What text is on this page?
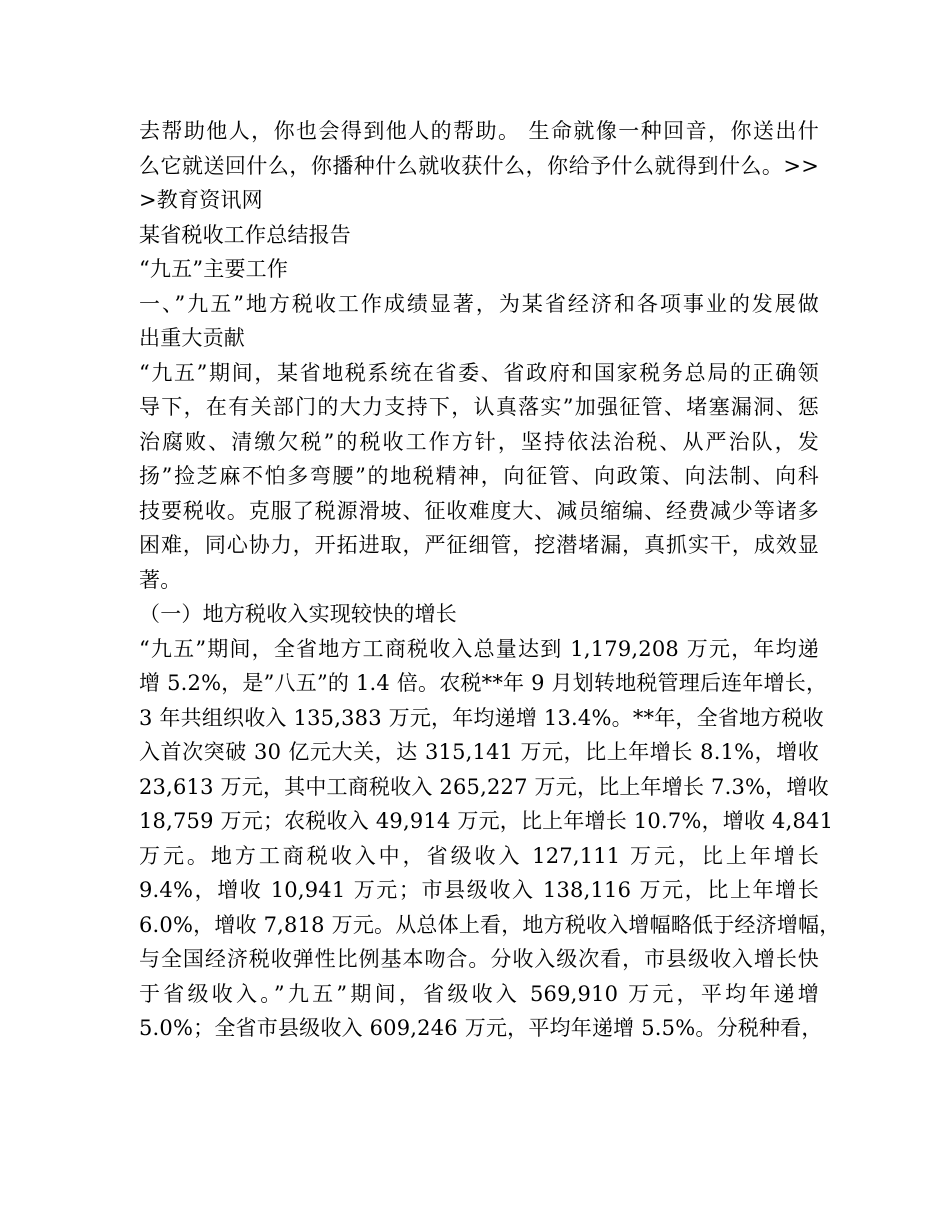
去帮助他人，你也会得到他人的帮助。 生命就像一种回音，你送出什
么它就送回什么，你播种什么就收获什么，你给予什么就得到什么。>>
>教育资讯网
某省税收工作总结报告
“九五”主要工作
一、”九五”地方税收工作成绩显著，为某省经济和各项事业的发展做
出重大贡献
“九五”期间，某省地税系统在省委、省政府和国家税务总局的正确领
导下，在有关部门的大力支持下，认真落实”加强征管、堵塞漏洞、惩
治腐败、清缴欠税”的税收工作方针，坚持依法治税、从严治队，发
扬”捡芝麻不怕多弯腰”的地税精神，向征管、向政策、向法制、向科
技要税收。克服了税源滑坡、征收难度大、减员缩编、经费减少等诸多
困难，同心协力，开拓进取，严征细管，挖潜堵漏，真抓实干，成效显
著。
（一）地方税收入实现较快的增长
“九五”期间，全省地方工商税收入总量达到 1,179,208 万元，年均递
增 5.2%，是”八五”的 1.4 倍。农税**年 9 月划转地税管理后连年增长，
3 年共组织收入 135,383 万元，年均递增 13.4%。**年，全省地方税收
入首次突破 30 亿元大关，达 315,141 万元，比上年增长 8.1%，增收
23,613 万元，其中工商税收入 265,227 万元，比上年增长 7.3%，增收
18,759 万元；农税收入 49,914 万元，比上年增长 10.7%，增收 4,841
万元。地方工商税收入中，省级收入 127,111 万元，比上年增长
9.4%，增收 10,941 万元；市县级收入 138,116 万元，比上年增长
6.0%，增收 7,818 万元。从总体上看，地方税收入增幅略低于经济增幅，
与全国经济税收弹性比例基本吻合。分收入级次看，市县级收入增长快
于省级收入。”九五”期间，省级收入 569,910 万元，平均年递增
5.0%；全省市县级收入 609,246 万元，平均年递增 5.5%。分税种看，
